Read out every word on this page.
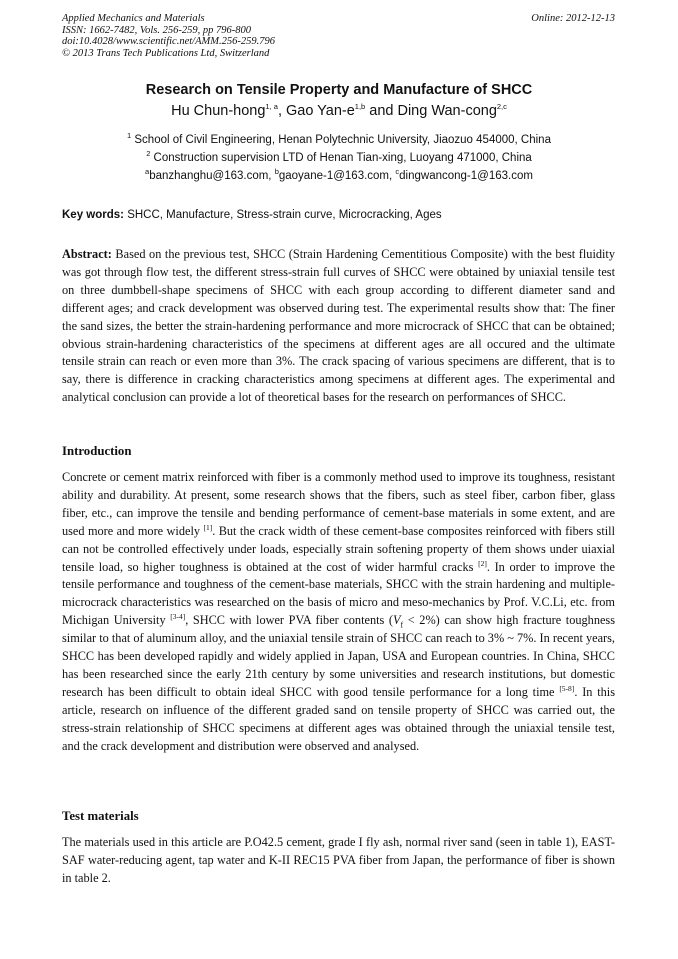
Applied Mechanics and Materials
ISSN: 1662-7482, Vols. 256-259, pp 796-800
doi:10.4028/www.scientific.net/AMM.256-259.796
© 2013 Trans Tech Publications Ltd, Switzerland
Online: 2012-12-13
Research on Tensile Property and Manufacture of SHCC
Hu Chun-hong$^{1, a}$, Gao Yan-$e^{1,b}$ and Ding Wan-cong$^{2,c}$
$^1$ School of Civil Engineering, Henan Polytechnic University, Jiaozuo 454000, China
$^2$ Construction supervision LTD of Henan Tian-xing, Luoyang 471000, China
$^a$banzhanghu@163.com, $^b$gaoyane-1@163.com, $^c$dingwancong-1@163.com
Key words: SHCC, Manufacture, Stress-strain curve, Microcracking, Ages
Abstract: Based on the previous test, SHCC (Strain Hardening Cementitious Composite) with the best fluidity was got through flow test, the different stress-strain full curves of SHCC were obtained by uniaxial tensile test on three dumbbell-shape specimens of SHCC with each group according to different diameter sand and different ages; and crack development was observed during test. The experimental results show that: The finer the sand sizes, the better the strain-hardening performance and more microcrack of SHCC that can be obtained; obvious strain-hardening characteristics of the specimens at different ages are all occured and the ultimate tensile strain can reach or even more than 3%. The crack spacing of various specimens are different, that is to say, there is difference in cracking characteristics among specimens at different ages. The experimental and analytical conclusion can provide a lot of theoretical bases for the research on performances of SHCC.
Introduction
Concrete or cement matrix reinforced with fiber is a commonly method used to improve its toughness, resistant ability and durability. At present, some research shows that the fibers, such as steel fiber, carbon fiber, glass fiber, etc., can improve the tensile and bending performance of cement-base materials in some extent, and are used more and more widely [1]. But the crack width of these cement-base composites reinforced with fibers still can not be controlled effectively under loads, especially strain softening property of them shows under uiaxial tensile load, so higher toughness is obtained at the cost of wider harmful cracks [2]. In order to improve the tensile performance and toughness of the cement-base materials, SHCC with the strain hardening and multiple-microcrack characteristics was researched on the basis of micro and meso-mechanics by Prof. V.C.Li, etc. from Michigan University [3-4], SHCC with lower PVA fiber contents $(V_f < 2\%)$ can show high fracture toughness similar to that of aluminum alloy, and the uniaxial tensile strain of SHCC can reach to 3% ~ 7%. In recent years, SHCC has been developed rapidly and widely applied in Japan, USA and European countries. In China, SHCC has been researched since the early 21th century by some universities and research institutions, but domestic research has been difficult to obtain ideal SHCC with good tensile performance for a long time [5-8]. In this article, research on influence of the different graded sand on tensile property of SHCC was carried out, the stress-strain relationship of SHCC specimens at different ages was obtained through the uniaxial tensile test, and the crack development and distribution were observed and analysed.
Test materials
The materials used in this article are P.O42.5 cement, grade I fly ash, normal river sand (seen in table 1), EAST-SAF water-reducing agent, tap water and K-II REC15 PVA fiber from Japan, the performance of fiber is shown in table 2.
